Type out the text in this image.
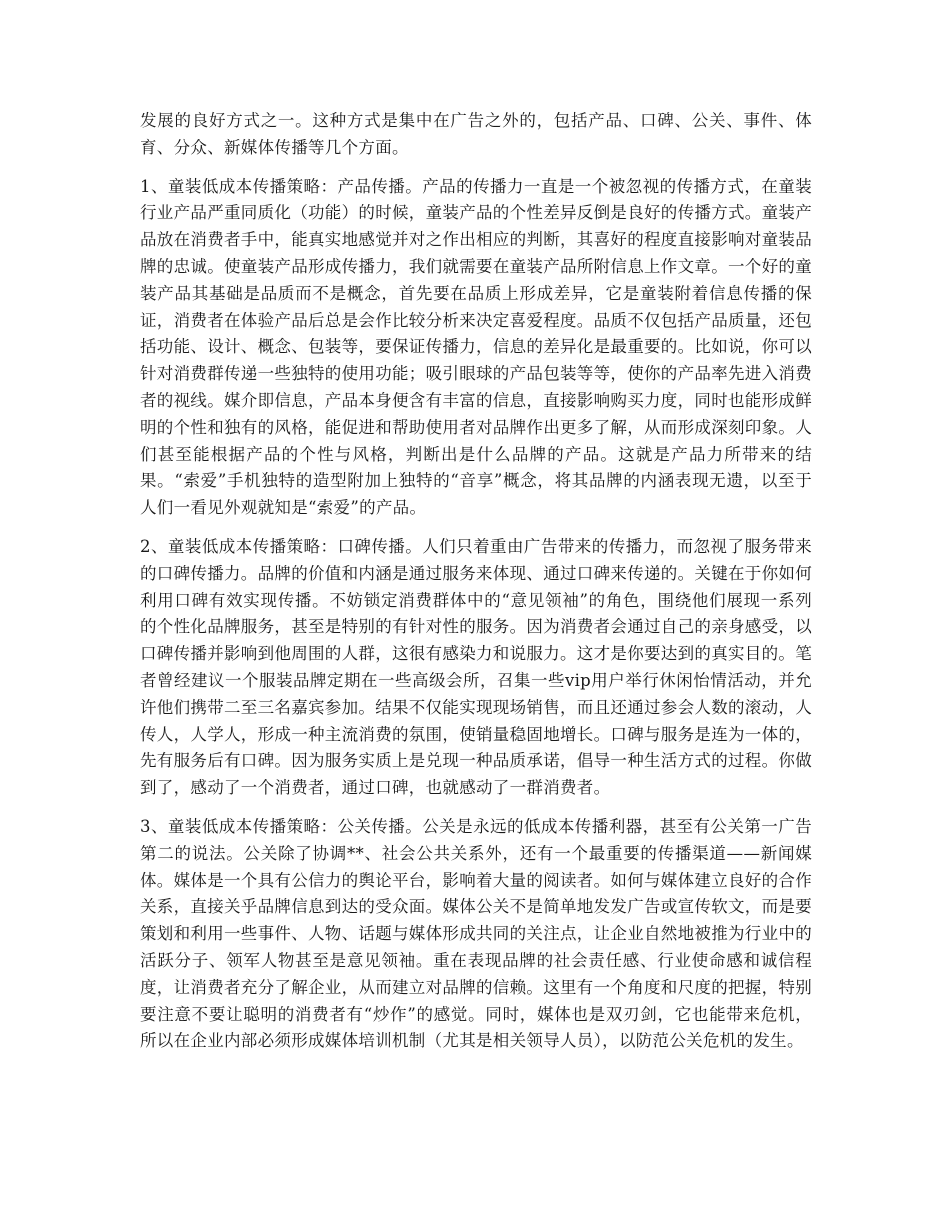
发展的良好方式之一。这种方式是集中在广告之外的，包括产品、口碑、公关、事件、体育、分众、新媒体传播等几个方面。

1、童装低成本传播策略：产品传播。产品的传播力一直是一个被忽视的传播方式，在童装行业产品严重同质化（功能）的时候，童装产品的个性差异反倒是良好的传播方式。童装产品放在消费者手中，能真实地感觉并对之作出相应的判断，其喜好的程度直接影响对童装品牌的忠诚。使童装产品形成传播力，我们就需要在童装产品所附信息上作文章。一个好的童装产品其基础是品质而不是概念，首先要在品质上形成差异，它是童装附着信息传播的保证，消费者在体验产品后总是会作比较分析来决定喜爱程度。品质不仅包括产品质量，还包括功能、设计、概念、包装等，要保证传播力，信息的差异化是最重要的。比如说，你可以针对消费群传递一些独特的使用功能；吸引眼球的产品包装等等，使你的产品率先进入消费者的视线。媒介即信息，产品本身便含有丰富的信息，直接影响购买力度，同时也能形成鲜明的个性和独有的风格，能促进和帮助使用者对品牌作出更多了解，从而形成深刻印象。人们甚至能根据产品的个性与风格，判断出是什么品牌的产品。这就是产品力所带来的结果。“索爱”手机独特的造型附加上独特的“音享”概念，将其品牌的内涵表现无遗，以至于人们一看见外观就知是“索爱”的产品。

2、童装低成本传播策略：口碑传播。人们只着重由广告带来的传播力，而忽视了服务带来的口碑传播力。品牌的价值和内涵是通过服务来体现、通过口碑来传递的。关键在于你如何利用口碑有效实现传播。不妨锁定消费群体中的“意见领袖”的角色，围绕他们展现一系列的个性化品牌服务，甚至是特别的有针对性的服务。因为消费者会通过自己的亲身感受，以口碑传播并影响到他周围的人群，这很有感染力和说服力。这才是你要达到的真实目的。笔者曾经建议一个服装品牌定期在一些高级会所，召集一些vip用户举行休闲怡情活动，并允许他们携带二至三名嘉宾参加。结果不仅能实现现场销售，而且还通过参会人数的滚动，人传人，人学人，形成一种主流消费的氛围，使销量稳固地增长。口碑与服务是连为一体的，先有服务后有口碑。因为服务实质上是兑现一种品质承诺，倡导一种生活方式的过程。你做到了，感动了一个消费者，通过口碑，也就感动了一群消费者。

3、童装低成本传播策略：公关传播。公关是永远的低成本传播利器，甚至有公关第一广告第二的说法。公关除了协调**、社会公共关系外，还有一个最重要的传播渠道——新闻媒体。媒体是一个具有公信力的舆论平台，影响着大量的阅读者。如何与媒体建立良好的合作关系，直接关乎品牌信息到达的受众面。媒体公关不是简单地发发广告或宣传软文，而是要策划和利用一些事件、人物、话题与媒体形成共同的关注点，让企业自然地被推为行业中的活跃分子、领军人物甚至是意见领袖。重在表现品牌的社会责任感、行业使命感和诚信程度，让消费者充分了解企业，从而建立对品牌的信赖。这里有一个角度和尺度的把握，特别要注意不要让聪明的消费者有“炒作”的感觉。同时，媒体也是双刃剑，它也能带来危机，所以在企业内部必须形成媒体培训机制（尤其是相关领导人员），以防范公关危机的发生。
